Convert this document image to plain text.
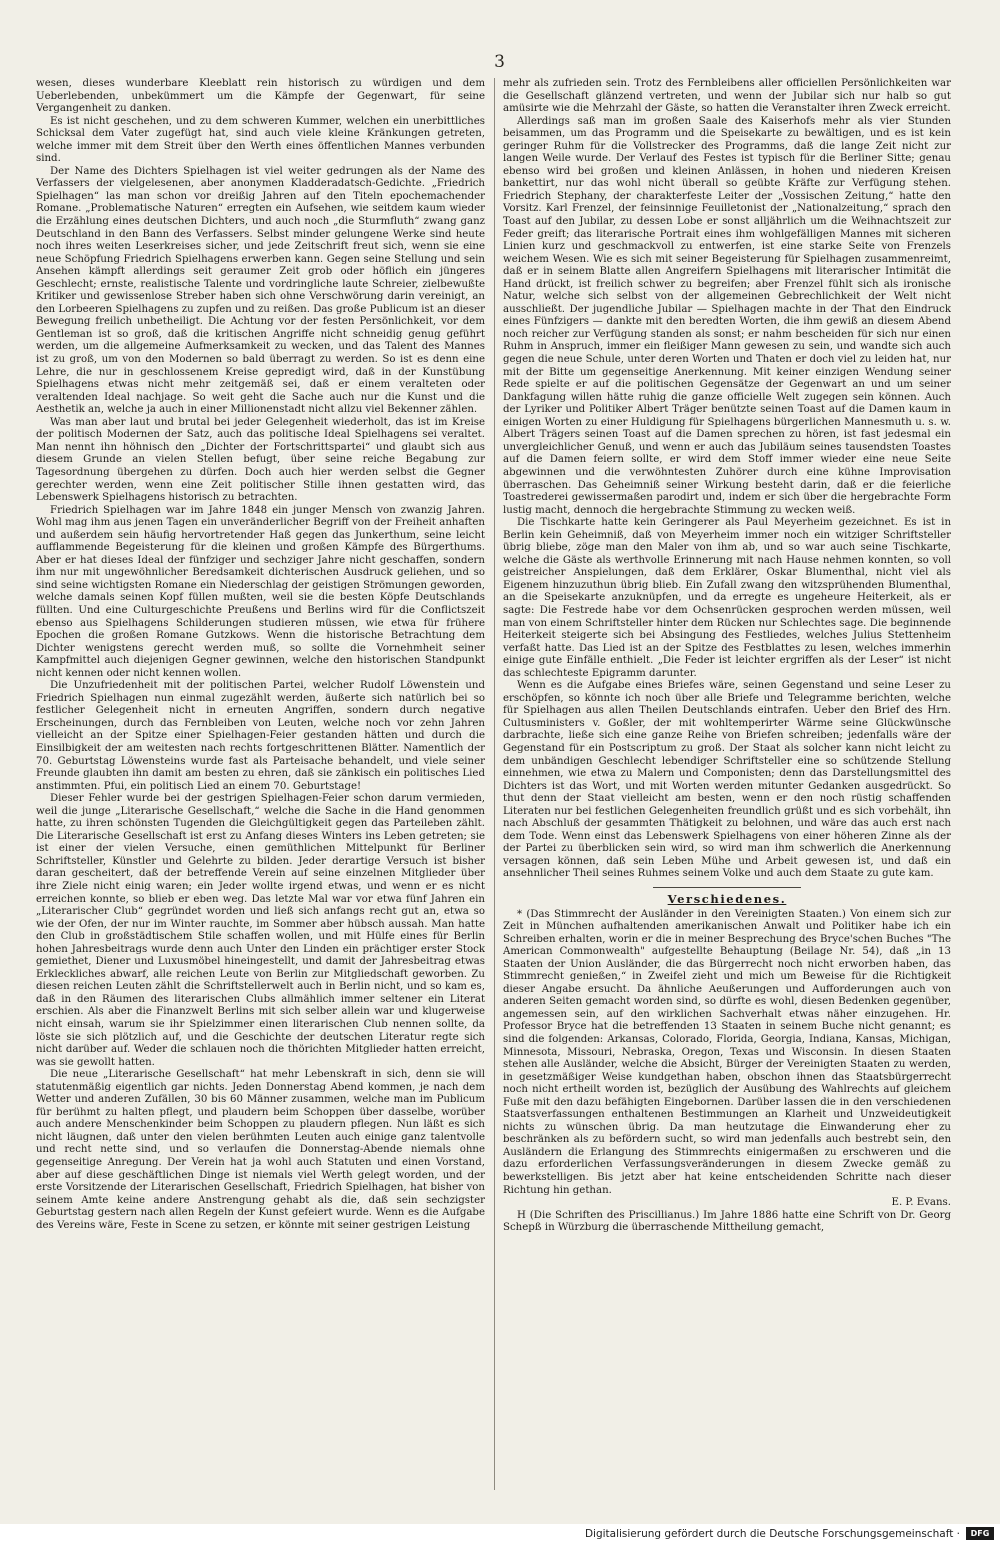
3

wesen, dieses wunderbare Kleeblatt rein historisch zu würdigen und dem Ueberlebenden, unbekümmert um die Kämpfe der Gegenwart, für seine Vergangenheit zu danken.

Es ist nicht geschehen, und zu dem schweren Kummer, welchen ein unerbittliches Schicksal dem Vater zugefügt hat, sind auch viele kleine Kränkungen getreten, welche immer mit dem Streit über den Werth eines öffentlichen Mannes verbunden sind.

Der Name des Dichters Spielhagen ist viel weiter gedrungen als der Name des Verfassers der vielgelesenen, aber anonymen Kladderadatsch-Gedichte. „Friedrich Spielhagen“ las man schon vor dreißig Jahren auf den Titeln epochemachender Romane. „Problematische Naturen“ erregten ein Aufsehen, wie seitdem kaum wieder die Erzählung eines deutschen Dichters, und auch noch „die Sturmfluth“ zwang ganz Deutschland in den Bann des Verfassers. Selbst minder gelungene Werke sind heute noch ihres weiten Leserkreises sicher, und jede Zeitschrift freut sich, wenn sie eine neue Schöpfung Friedrich Spielhagens erwerben kann. Gegen seine Stellung und sein Ansehen kämpft allerdings seit geraumer Zeit grob oder höflich ein jüngeres Geschlecht; ernste, realistische Talente und vordringliche laute Schreier, zielbewußte Kritiker und gewissenlose Streber haben sich ohne Verschwörung darin vereinigt, an den Lorbeeren Spielhagens zu zupfen und zu reißen. Das große Publicum ist an dieser Bewegung freilich unbetheiligt. Die Achtung vor der festen Persönlichkeit, vor dem Gentleman ist so groß, daß die kritischen Angriffe nicht schneidig genug geführt werden, um die allgemeine Aufmerksamkeit zu wecken, und das Talent des Mannes ist zu groß, um von den Modernen so bald überragt zu werden. So ist es denn eine Lehre, die nur in geschlossenem Kreise gepredigt wird, daß in der Kunstübung Spielhagens etwas nicht mehr zeitgemäß sei, daß er einem veralteten oder veraltenden Ideal nachjage. So weit geht die Sache auch nur die Kunst und die Aesthetik an, welche ja auch in einer Millionenstadt nicht allzu viel Bekenner zählen.

Was man aber laut und brutal bei jeder Gelegenheit wiederholt, das ist im Kreise der politisch Modernen der Satz, auch das politische Ideal Spielhagens sei veraltet. Man nennt ihn höhnisch den „Dichter der Fortschrittspartei“ und glaubt sich aus diesem Grunde an vielen Stellen befugt, über seine reiche Begabung zur Tagesordnung übergehen zu dürfen. Doch auch hier werden selbst die Gegner gerechter werden, wenn eine Zeit politischer Stille ihnen gestatten wird, das Lebenswerk Spielhagens historisch zu betrachten.

Friedrich Spielhagen war im Jahre 1848 ein junger Mensch von zwanzig Jahren. Wohl mag ihm aus jenen Tagen ein unveränderlicher Begriff von der Freiheit anhaften und außerdem sein häufig hervortretender Haß gegen das Junkerthum, seine leicht aufflammende Begeisterung für die kleinen und großen Kämpfe des Bürgerthums. Aber er hat dieses Ideal der fünfziger und sechziger Jahre nicht geschaffen, sondern ihm nur mit ungewöhnlicher Beredsamkeit dichterischen Ausdruck geliehen, und so sind seine wichtigsten Romane ein Niederschlag der geistigen Strömungen geworden, welche damals seinen Kopf füllen mußten, weil sie die besten Köpfe Deutschlands füllten. Und eine Culturgeschichte Preußens und Berlins wird für die Conflictszeit ebenso aus Spielhagens Schilderungen studieren müssen, wie etwa für frühere Epochen die großen Romane Gutzkows. Wenn die historische Betrachtung dem Dichter wenigstens gerecht werden muß, so sollte die Vornehmheit seiner Kampfmittel auch diejenigen Gegner gewinnen, welche den historischen Standpunkt nicht kennen oder nicht kennen wollen.

Die Unzufriedenheit mit der politischen Partei, welcher Rudolf Löwenstein und Friedrich Spielhagen nun einmal zugezählt werden, äußerte sich natürlich bei so festlicher Gelegenheit nicht in erneuten Angriffen, sondern durch negative Erscheinungen, durch das Fernbleiben von Leuten, welche noch vor zehn Jahren vielleicht an der Spitze einer Spielhagen-Feier gestanden hätten und durch die Einsilbigkeit der am weitesten nach rechts fortgeschrittenen Blätter. Namentlich der 70. Geburtstag Löwensteins wurde fast als Parteisache behandelt, und viele seiner Freunde glaubten ihn damit am besten zu ehren, daß sie zänkisch ein politisches Lied anstimmten. Pfui, ein politisch Lied an einem 70. Geburtstage!

Dieser Fehler wurde bei der gestrigen Spielhagen-Feier schon darum vermieden, weil die junge „Literarische Gesellschaft,“ welche die Sache in die Hand genommen hatte, zu ihren schönsten Tugenden die Gleichgültigkeit gegen das Parteileben zählt. Die Literarische Gesellschaft ist erst zu Anfang dieses Winters ins Leben getreten; sie ist einer der vielen Versuche, einen gemüthlichen Mittelpunkt für Berliner Schriftsteller, Künstler und Gelehrte zu bilden. Jeder derartige Versuch ist bisher daran gescheitert, daß der betreffende Verein auf seine einzelnen Mitglieder über ihre Ziele nicht einig waren; ein Jeder wollte irgend etwas, und wenn er es nicht erreichen konnte, so blieb er eben weg. Das letzte Mal war vor etwa fünf Jahren ein „Literarischer Club“ gegründet worden und ließ sich anfangs recht gut an, etwa so wie der Ofen, der nur im Winter rauchte, im Sommer aber hübsch aussah. Man hatte den Club in großstädtischem Stile schaffen wollen, und mit Hülfe eines für Berlin hohen Jahresbeitrags wurde denn auch Unter den Linden ein prächtiger erster Stock gemiethet, Diener und Luxusmöbel hineingestellt, und damit der Jahresbeitrag etwas Erkleckliches abwarf, alle reichen Leute von Berlin zur Mitgliedschaft geworben. Zu diesen reichen Leuten zählt die Schriftstellerwelt auch in Berlin nicht, und so kam es, daß in den Räumen des literarischen Clubs allmählich immer seltener ein Literat erschien. Als aber die Finanzwelt Berlins mit sich selber allein war und klugerweise nicht einsah, warum sie ihr Spielzimmer einen literarischen Club nennen sollte, da löste sie sich plötzlich auf, und die Geschichte der deutschen Literatur regte sich nicht darüber auf. Weder die schlauen noch die thörichten Mitglieder hatten erreicht, was sie gewollt hatten.

Die neue „Literarische Gesellschaft“ hat mehr Lebenskraft in sich, denn sie will statutenmäßig eigentlich gar nichts. Jeden Donnerstag Abend kommen, je nach dem Wetter und anderen Zufällen, 30 bis 60 Männer zusammen, welche man im Publicum für berühmt zu halten pflegt, und plaudern beim Schoppen über dasselbe, worüber auch andere Menschenkinder beim Schoppen zu plaudern pflegen. Nun läßt es sich nicht läugnen, daß unter den vielen berühmten Leuten auch einige ganz talentvolle und recht nette sind, und so verlaufen die Donnerstag-Abende niemals ohne gegenseitige Anregung. Der Verein hat ja wohl auch Statuten und einen Vorstand, aber auf diese geschäftlichen Dinge ist niemals viel Werth gelegt worden, und der erste Vorsitzende der Literarischen Gesellschaft, Friedrich Spielhagen, hat bisher von seinem Amte keine andere Anstrengung gehabt als die, daß sein sechzigster Geburtstag gestern nach allen Regeln der Kunst gefeiert wurde. Wenn es die Aufgabe des Vereins wäre, Feste in Scene zu setzen, er könnte mit seiner gestrigen Leistung

mehr als zufrieden sein. Trotz des Fernbleibens aller officiellen Persönlichkeiten war die Gesellschaft glänzend vertreten, und wenn der Jubilar sich nur halb so gut amüsirte wie die Mehrzahl der Gäste, so hatten die Veranstalter ihren Zweck erreicht.

Allerdings saß man im großen Saale des Kaiserhofs mehr als vier Stunden beisammen, um das Programm und die Speisekarte zu bewältigen, und es ist kein geringer Ruhm für die Vollstrecker des Programms, daß die lange Zeit nicht zur langen Weile wurde. Der Verlauf des Festes ist typisch für die Berliner Sitte; genau ebenso wird bei großen und kleinen Anlässen, in hohen und niederen Kreisen bankettirt, nur das wohl nicht überall so geübte Kräfte zur Verfügung stehen. Friedrich Stephany, der charakterfeste Leiter der „Vossischen Zeitung,“ hatte den Vorsitz. Karl Frenzel, der feinsinnige Feuilletonist der „Nationalzeitung,“ sprach den Toast auf den Jubilar, zu dessen Lobe er sonst alljährlich um die Weihnachtszeit zur Feder greift; das literarische Portrait eines ihm wohlgefälligen Mannes mit sicheren Linien kurz und geschmackvoll zu entwerfen, ist eine starke Seite von Frenzels weichem Wesen. Wie es sich mit seiner Begeisterung für Spielhagen zusammenreimt, daß er in seinem Blatte allen Angreifern Spielhagens mit literarischer Intimität die Hand drückt, ist freilich schwer zu begreifen; aber Frenzel fühlt sich als ironische Natur, welche sich selbst von der allgemeinen Gebrechlichkeit der Welt nicht ausschließt. Der jugendliche Jubilar — Spielhagen machte in der That den Eindruck eines Fünfzigers — dankte mit den beredten Worten, die ihm gewiß an diesem Abend noch reicher zur Verfügung standen als sonst; er nahm bescheiden für sich nur einen Ruhm in Anspruch, immer ein fleißiger Mann gewesen zu sein, und wandte sich auch gegen die neue Schule, unter deren Worten und Thaten er doch viel zu leiden hat, nur mit der Bitte um gegenseitige Anerkennung. Mit keiner einzigen Wendung seiner Rede spielte er auf die politischen Gegensätze der Gegenwart an und um seiner Dankfagung willen hätte ruhig die ganze officielle Welt zugegen sein können. Auch der Lyriker und Politiker Albert Träger benützte seinen Toast auf die Damen kaum in einigen Worten zu einer Huldigung für Spielhagens bürgerlichen Mannesmuth u. s. w. Albert Trägers seinen Toast auf die Damen sprechen zu hören, ist fast jedesmal ein unvergleichlicher Genuß, und wenn er auch das Jubiläum seines tausendsten Toastes auf die Damen feiern sollte, er wird dem Stoff immer wieder eine neue Seite abgewinnen und die verwöhntesten Zuhörer durch eine kühne Improvisation überraschen. Das Geheimniß seiner Wirkung besteht darin, daß er die feierliche Toastrederei gewissermaßen parodirt und, indem er sich über die hergebrachte Form lustig macht, dennoch die hergebrachte Stimmung zu wecken weiß.

Die Tischkarte hatte kein Geringerer als Paul Meyerheim gezeichnet. Es ist in Berlin kein Geheimniß, daß von Meyerheim immer noch ein witziger Schriftsteller übrig bliebe, zöge man den Maler von ihm ab, und so war auch seine Tischkarte, welche die Gäste als werthvolle Erinnerung mit nach Hause nehmen konnten, so voll geistreicher Anspielungen, daß dem Erklärer, Oskar Blumenthal, nicht viel als Eigenem hinzuzuthun übrig blieb. Ein Zufall zwang den witzsprühenden Blumenthal, an die Speisekarte anzuknüpfen, und da erregte es ungeheure Heiterkeit, als er sagte: Die Festrede habe vor dem Ochsenrücken gesprochen werden müssen, weil man von einem Schriftsteller hinter dem Rücken nur Schlechtes sage. Die beginnende Heiterkeit steigerte sich bei Absingung des Festliedes, welches Julius Stettenheim verfaßt hatte. Das Lied ist an der Spitze des Festblattes zu lesen, welches immerhin einige gute Einfälle enthielt. „Die Feder ist leichter ergriffen als der Leser“ ist nicht das schlechteste Epigramm darunter.

Wenn es die Aufgabe eines Briefes wäre, seinen Gegenstand und seine Leser zu erschöpfen, so könnte ich noch über alle Briefe und Telegramme berichten, welche für Spielhagen aus allen Theilen Deutschlands eintrafen. Ueber den Brief des Hrn. Cultusministers v. Goßler, der mit wohltemperirter Wärme seine Glückwünsche darbrachte, ließe sich eine ganze Reihe von Briefen schreiben; jedenfalls wäre der Gegenstand für ein Postscriptum zu groß. Der Staat als solcher kann nicht leicht zu dem unbändigen Geschlecht lebendiger Schriftsteller eine so schützende Stellung einnehmen, wie etwa zu Malern und Componisten; denn das Darstellungsmittel des Dichters ist das Wort, und mit Worten werden mitunter Gedanken ausgedrückt. So thut denn der Staat vielleicht am besten, wenn er den noch rüstig schaffenden Literaten nur bei festlichen Gelegenheiten freundlich grüßt und es sich vorbehält, ihn nach Abschluß der gesammten Thätigkeit zu belohnen, und wäre das auch erst nach dem Tode. Wenn einst das Lebenswerk Spielhagens von einer höheren Zinne als der der Partei zu überblicken sein wird, so wird man ihm schwerlich die Anerkennung versagen können, daß sein Leben Mühe und Arbeit gewesen ist, und daß ein ansehnlicher Theil seines Ruhmes seinem Volke und auch dem Staate zu gute kam.

Verschiedenes.

* (Das Stimmrecht der Ausländer in den Vereinigten Staaten.) Von einem sich zur Zeit in München aufhaltenden amerikanischen Anwalt und Politiker habe ich ein Schreiben erhalten, worin er die in meiner Besprechung des Bryce'schen Buches "The American Commonwealth" aufgestellte Behauptung (Beilage Nr. 54), daß „in 13 Staaten der Union Ausländer, die das Bürgerrecht noch nicht erworben haben, das Stimmrecht genießen,“ in Zweifel zieht und mich um Beweise für die Richtigkeit dieser Angabe ersucht. Da ähnliche Aeußerungen und Aufforderungen auch von anderen Seiten gemacht worden sind, so dürfte es wohl, diesen Bedenken gegenüber, angemessen sein, auf den wirklichen Sachverhalt etwas näher einzugehen. Hr. Professor Bryce hat die betreffenden 13 Staaten in seinem Buche nicht genannt; es sind die folgenden: Arkansas, Colorado, Florida, Georgia, Indiana, Kansas, Michigan, Minnesota, Missouri, Nebraska, Oregon, Texas und Wisconsin. In diesen Staaten stehen alle Ausländer, welche die Absicht, Bürger der Vereinigten Staaten zu werden, in gesetzmäßiger Weise kundgethan haben, obschon ihnen das Staatsbürgerrecht noch nicht ertheilt worden ist, bezüglich der Ausübung des Wahlrechts auf gleichem Fuße mit den dazu befähigten Eingebornen. Darüber lassen die in den verschiedenen Staatsverfassungen enthaltenen Bestimmungen an Klarheit und Unzweideutigkeit nichts zu wünschen übrig. Da man heutzutage die Einwanderung eher zu beschränken als zu befördern sucht, so wird man jedenfalls auch bestrebt sein, den Ausländern die Erlangung des Stimmrechts einigermaßen zu erschweren und die dazu erforderlichen Verfassungsveränderungen in diesem Zwecke gemäß zu bewerkstelligen. Bis jetzt aber hat keine entscheidenden Schritte nach dieser Richtung hin gethan.

E. P. Evans.

H (Die Schriften des Priscillianus.) Im Jahre 1886 hatte eine Schrift von Dr. Georg Schepß in Würzburg die überraschende Mittheilung gemacht,

Digitalisierung gefördert durch die Deutsche Forschungsgemeinschaft ·	DFG
